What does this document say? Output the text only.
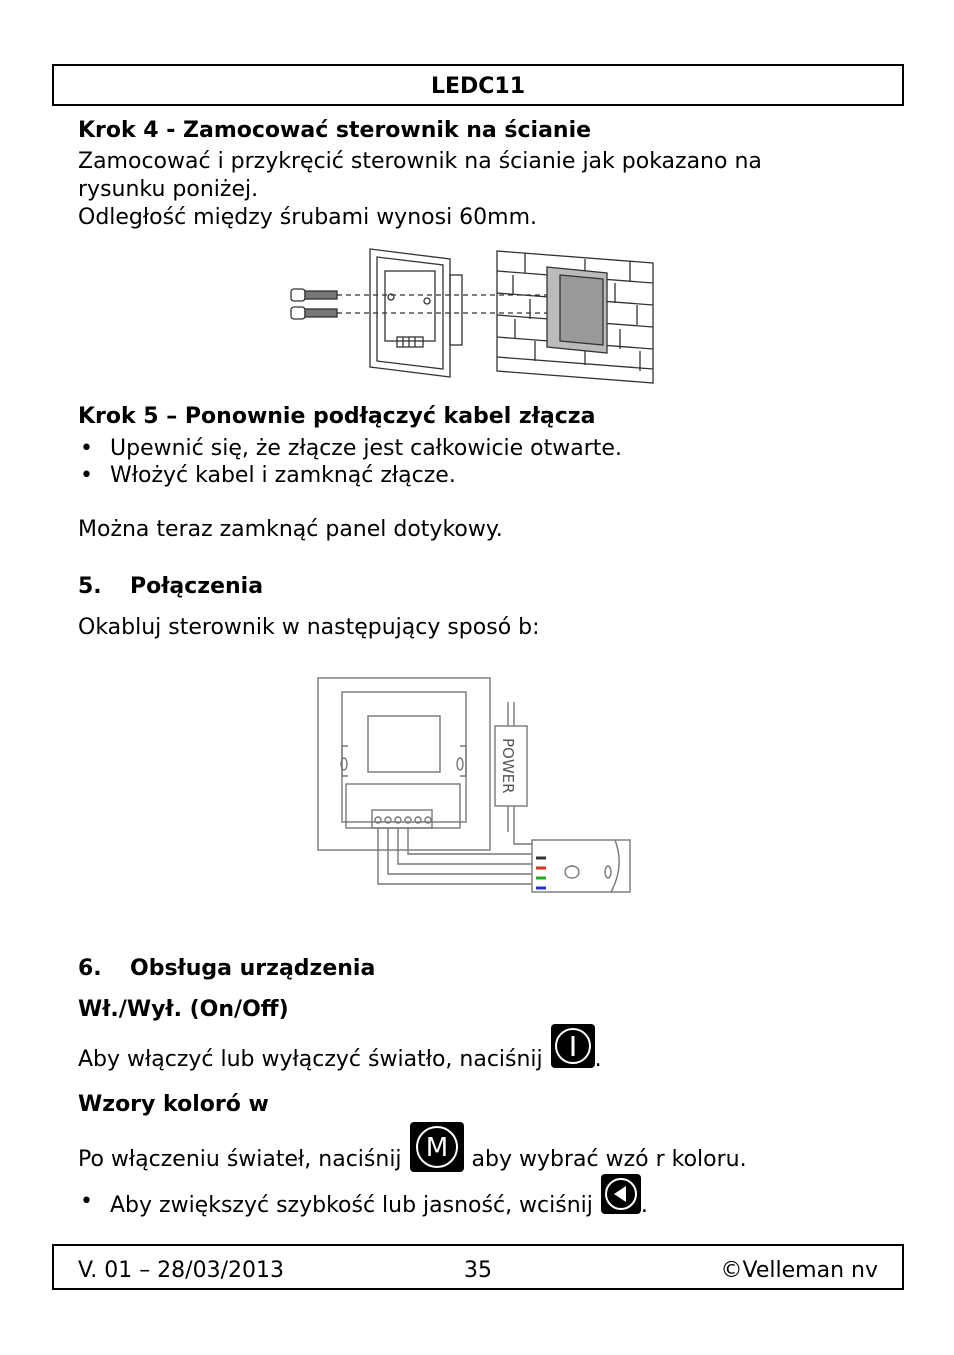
LEDC11
Krok 4 - Zamocować sterownik na ścianie
Zamocować i przykręcić sterownik na ścianie jak pokazano na
rysunku poniżej.
Odległość między śrubami wynosi 60mm.
Krok 5 – Ponownie podłączyć kabel złącza
• Upewnić się, że złącze jest całkowicie otwarte.
• Włożyć kabel i zamknąć złącze.
Można teraz zamknąć panel dotykowy.
5. Połączenia
Okabluj sterownik w następujący sposó b:
POWER
6. Obsługa urządzenia
Wł./Wył. (On/Off)
Aby włączyć lub wyłączyć światło, naciśnij .
Wzory koloró w
Po włączeniu świateł, naciśnij M aby wybrać wzó r koloru.
• Aby zwiększyć szybkość lub jasność, wciśnij .
V. 01 – 28/03/2013	35	©Velleman nv
